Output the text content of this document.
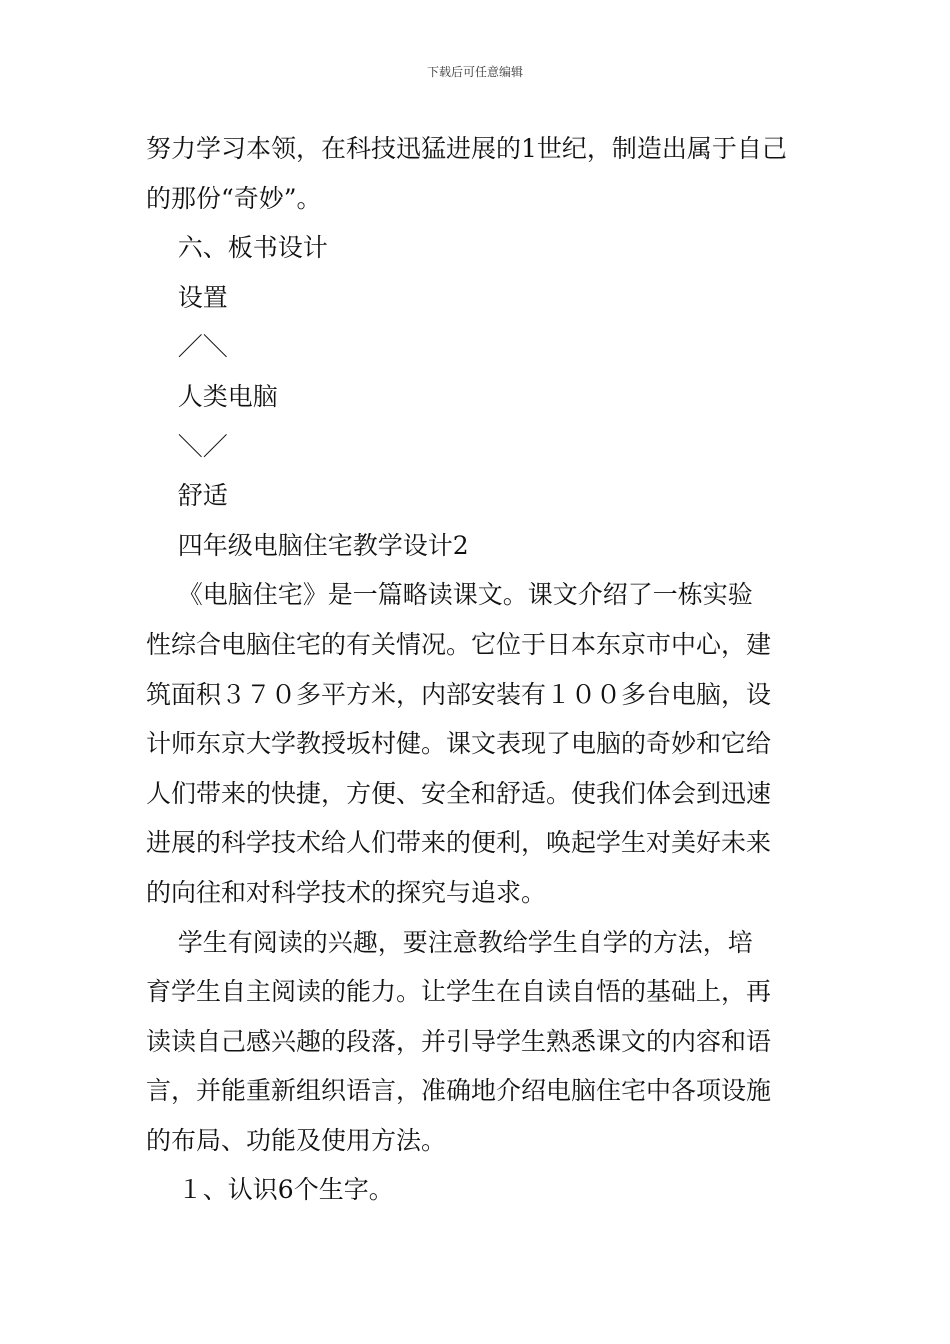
下载后可任意编辑
努力学习本领，在科技迅猛进展的1世纪，制造出属于自己
的那份“奇妙”。
六、板书设计
设置
／＼
人类电脑
＼／
舒适
四年级电脑住宅教学设计2
《电脑住宅》是一篇略读课文。课文介绍了一栋实验
性综合电脑住宅的有关情况。它位于日本东京市中心，建
筑面积３７０多平方米，内部安装有１００多台电脑，设
计师东京大学教授坂村健。课文表现了电脑的奇妙和它给
人们带来的快捷，方便、安全和舒适。使我们体会到迅速
进展的科学技术给人们带来的便利，唤起学生对美好未来
的向往和对科学技术的探究与追求。
学生有阅读的兴趣，要注意教给学生自学的方法，培
育学生自主阅读的能力。让学生在自读自悟的基础上，再
读读自己感兴趣的段落，并引导学生熟悉课文的内容和语
言，并能重新组织语言，准确地介绍电脑住宅中各项设施
的布局、功能及使用方法。
１、认识6个生字。
